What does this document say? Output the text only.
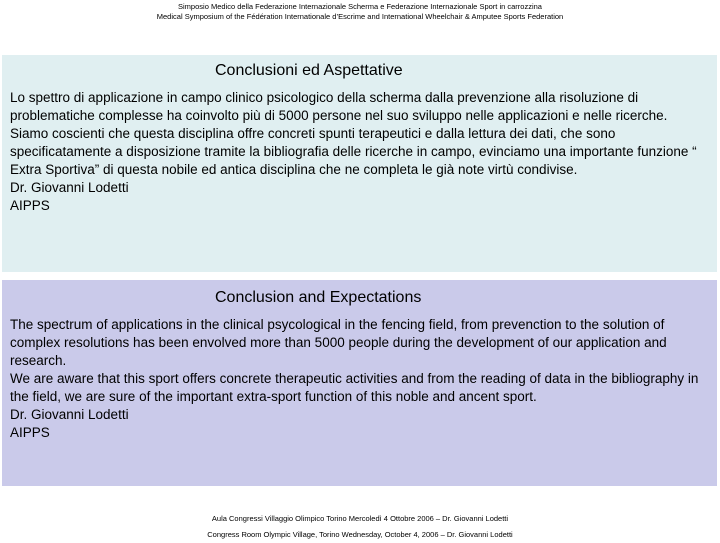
Simposio Medico della Federazione Internazionale Scherma e Federazione Internazionale Sport in carrozzina
Medical Symposium of the Fédération Internationale d’Escrime and International Wheelchair & Amputee Sports Federation
Conclusioni ed Aspettative

Lo spettro di applicazione in campo clinico psicologico della scherma dalla prevenzione alla risoluzione di problematiche complesse ha coinvolto più di 5000 persone nel suo sviluppo nelle applicazioni e nelle ricerche.

Siamo coscienti che questa disciplina offre concreti spunti terapeutici e dalla lettura dei dati, che sono specificatamente a disposizione tramite la bibliografia delle ricerche in campo, evinciamo una importante funzione “ Extra Sportiva” di questa nobile ed antica disciplina che ne completa le già note virtù condivise.

Dr. Giovanni Lodetti

AIPPS

Conclusion and Expectations

The spectrum of applications in the clinical psycological in the fencing field, from prevenction to the solution of complex resolutions has been envolved more than 5000 people during the development of our application and research.

We are aware that this sport offers concrete therapeutic activities and from the reading of data in the bibliography in the field, we are sure of the important extra-sport function of this noble and ancent sport.

Dr. Giovanni Lodetti

AIPPS

Aula Congressi Villaggio Olimpico Torino Mercoledì 4 Ottobre 2006 – Dr. Giovanni Lodetti
Congress Room Olympic Village, Torino Wednesday, October 4, 2006 – Dr. Giovanni Lodetti
